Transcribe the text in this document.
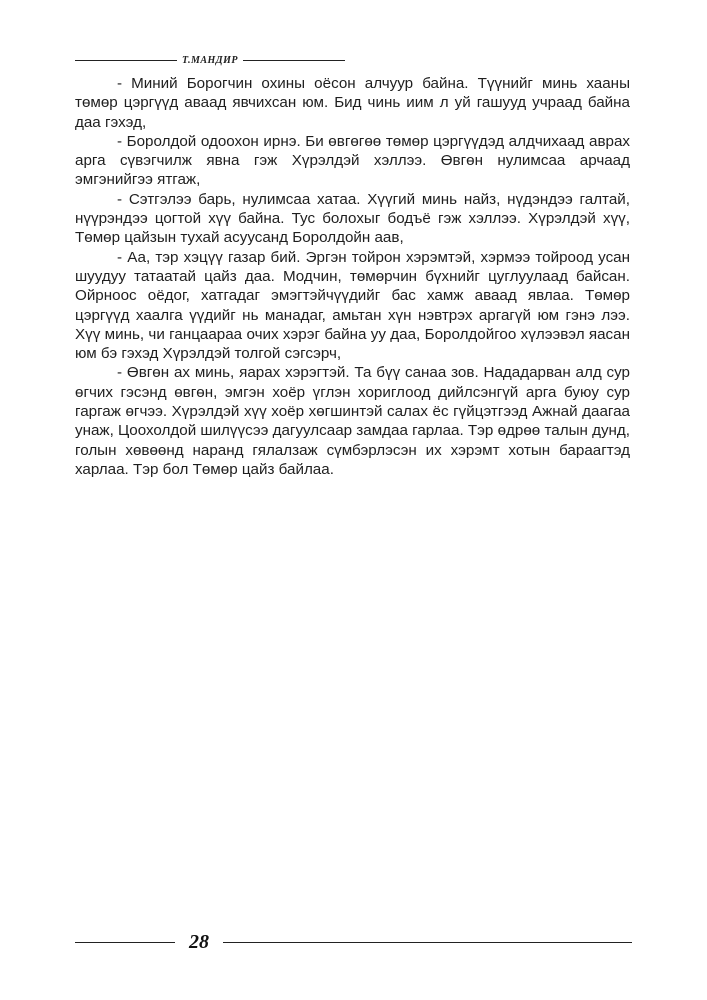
Т.МАНДИР

- Миний Борогчин охины оёсон алчуур байна. Түүнийг минь хааны төмөр цэргүүд аваад явчихсан юм. Бид чинь иим л уй гашууд учраад байна даа гэхэд,

- Боролдой одоохон ирнэ. Би өвгөгөө төмөр цэргүүдэд алдчихаад аврах арга сүвэгчилж явна гэж Хүрэлдэй хэллээ. Өвгөн нулимсаа арчаад эмгэнийгээ ятгаж,

- Сэтгэлээ барь, нулимсаа хатаа. Хүүгий минь найз, нүдэндээ галтай, нүүрэндээ цогтой хүү байна. Тус болохыг бодъё гэж хэллээ. Хүрэлдэй хүү, Төмөр цайзын тухай асуусанд Боролдойн аав,

- Аа, тэр хэцүү газар бий. Эргэн тойрон хэрэмтэй, хэрмээ тойроод усан шуудуу татаатай цайз даа. Модчин, төмөрчин бүхнийг цуглуулаад байсан. Ойрноос оёдог, хатгадаг эмэгтэйчүүдийг бас хамж аваад явлаа. Төмөр цэргүүд хаалга үүдийг нь манадаг, амьтан хүн нэвтрэх аргагүй юм гэнэ лээ. Хүү минь, чи ганцаараа очих хэрэг байна уу даа, Боролдойгоо хүлээвэл яасан юм бэ гэхэд Хүрэлдэй толгой сэгсэрч,

- Өвгөн ах минь, яарах хэрэгтэй. Та бүү санаа зов. Нададарван алд сур өгчих гэсэнд өвгөн, эмгэн хоёр үглэн хориглоод дийлсэнгүй арга буюу сур гаргаж өгчээ. Хүрэлдэй хүү хоёр хөгшинтэй салах ёс гүйцэтгээд Ажнай даагаа унаж, Цоохолдой шилүүсээ дагуулсаар замдаа гарлаа. Тэр өдрөө талын дунд, голын хөвөөнд наранд гялалзаж сүмбэрлэсэн их хэрэмт хотын бараагтэд харлаа. Тэр бол Төмөр цайз байлаа.

28
